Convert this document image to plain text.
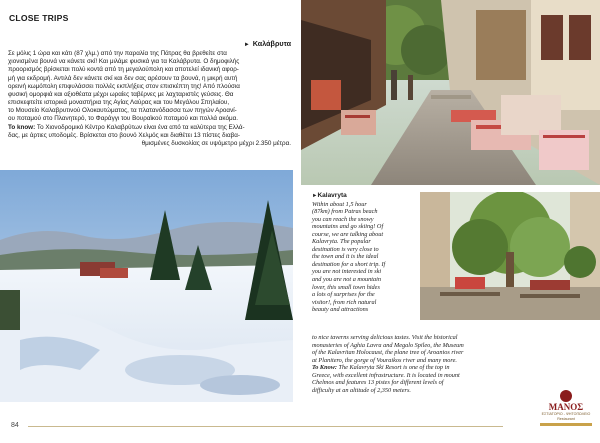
CLOSE TRIPS
► Καλάβρυτα

Σε μόλις 1 ώρα και κάτι (87 χλμ.) από την παραλία της Πάτρας θα βρεθείτε στα

χιονισμένα βουνά να κάνετε σκί! Και μιλάμε φυσικά για τα Καλάβρυτα. Ο δημοφιλής

προορισμός βρίσκεται πολύ κοντά από τη μεγαλούπολη και αποτελεί ιδανική αφορ-

μή για εκδρομή. Αντιλά δεν κάνετε σκί και δεν σας αρέσουν τα βουνά, η μικρή αυτή

ορεινή κωμόπολη επιφυλάσσει πολλές εκπλήξεις στον επισκέπτη της! Από πλούσια

φυσική ομορφιά και αξιοθέατα μέχρι ωραίες ταβέρνες με λαχταριστές γεύσεις. Θα

επισκεφτείτε ιστορικά μοναστήρια της Αγίας Λαύρας και του Μεγάλου Σπηλαίου,

το Μουσείο Καλαβρυτινού Ολοκαυτώματος, τα πλατανόδασσα των πηγών Αροανί-

ου ποταμού στο Πλανητερό, το Φαράγγι του Βουραϊκού ποταμού και πολλά ακόμα.

To know: Το Χιονοδρομικό Κέντρο Καλαβρύτων είναι ένα από τα καλύτερα της Ελλά-

δας, με άρτιες υποδομές. Βρίσκεται στο βουνό Χελμός και διαθέτει 13 πίστες διαβα-

θμισμένες δυσκολίας σε υψόμετρο μέχρι 2.350 μέτρα.

►Kalavryta

Within about 1,5 hour

(87km) from Patras beach

you can reach the snowy

mountains and go skiing! Of

course, we are talking about

Kalavryta. The popular

destination is very close to

the town and it is the ideal

destination for a short trip. If

you are not interested in ski

and you are not a mountain

lover, this small town hides

a lots of surprises for the

visitor!, from rich natural

beauty and attractions

to nice taverns serving delicious tastes. Visit the historical

monasteries of Aghia Lavra and Megalo Spileo, the Museum

of the Kalavritan Holocaust, the plane tree of Aroanios river

at Planitero, the gorge of Vouraikos river and many more.

To Know: The Kalavryta Ski Resort is one of the top in

Greece, with excellent infrastructure. It is located in mount

Chelmos and features 13 pistes for different levels of

difficulty at an altitude of 2,350 meters.

84
ΜΑΝΟΣ
ΕΣΤΙΑΤΟΡΙΟ - ΨΗΤΟΠΩΛΕΙΟ
Restaurant
